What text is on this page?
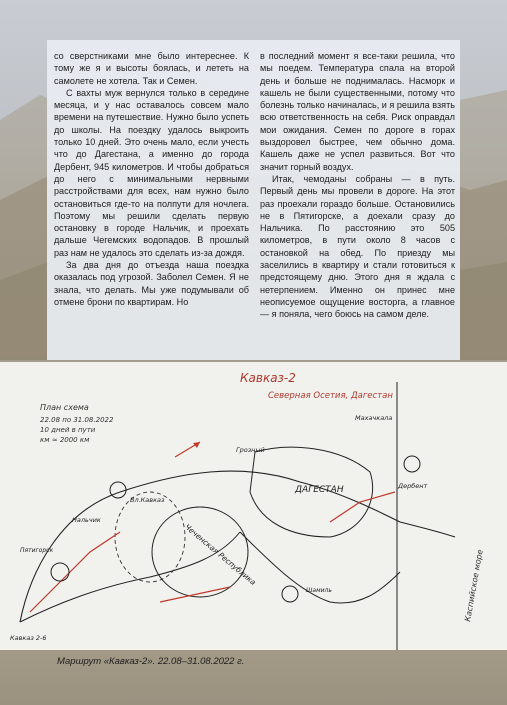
со сверстниками мне было интереснее. К тому же я и высоты боялась, и лететь на самолете не хотела. Так и Семен.

С вахты муж вернулся только в середине месяца, и у нас оставалось совсем мало времени на путешествие. Нужно было успеть до школы. На поездку удалось выкроить только 10 дней. Это очень мало, если учесть что до Дагестана, а именно до города Дербент, 945 километров. И чтобы добраться до него с минимальными нервными расстройствами для всех, нам нужно было остановиться где-то на полпути для ночлега. Поэтому мы решили сделать первую остановку в городе Нальчик, и проехать дальше Чегемских водопадов. В прошлый раз нам не удалось это сделать из-за дождя.

За два дня до отъезда наша поездка оказалась под угрозой. Заболел Семен. Я не знала, что делать. Мы уже подумывали об отмене брони по квартирам. Но

в последний момент я все-таки решила, что мы поедем. Температура спала на второй день и больше не поднималась. Насморк и кашель не были существенными, потому что болезнь только начиналась, и я решила взять всю ответственность на себя. Риск оправдал мои ожидания. Семен по дороге в горах выздоровел быстрее, чем обычно дома. Кашель даже не успел развиться. Вот что значит горный воздух.

Итак, чемоданы собраны — в путь. Первый день мы провели в дороге. На этот раз проехали гораздо больше. Остановились не в Пятигорске, а доехали сразу до Нальчика. По расстоянию это 505 километров, в пути около 8 часов с остановкой на обед. По приезду мы заселились в квартиру и стали готовиться к предстоящему дню. Этого дня я ждала с нетерпением. Именно он принес мне неописуемое ощущение восторга, а главное — я поняла, чего боюсь на самом деле.

Кавказ-2
Северная Осетия, Дагестан
План схема
22.08 по 31.08.2022
10 дней в пути
км ≈ 2000 км
Чеченская Республика
ДАГЕСТАН
Каспийское море
Вл.Кавказ
Нальчик
Махачкала
Дербент
Грозный
Кавказ 2-6
Пятигорск
Шамиль
Маршрут «Кавказ-2». 22.08–31.08.2022 г.
